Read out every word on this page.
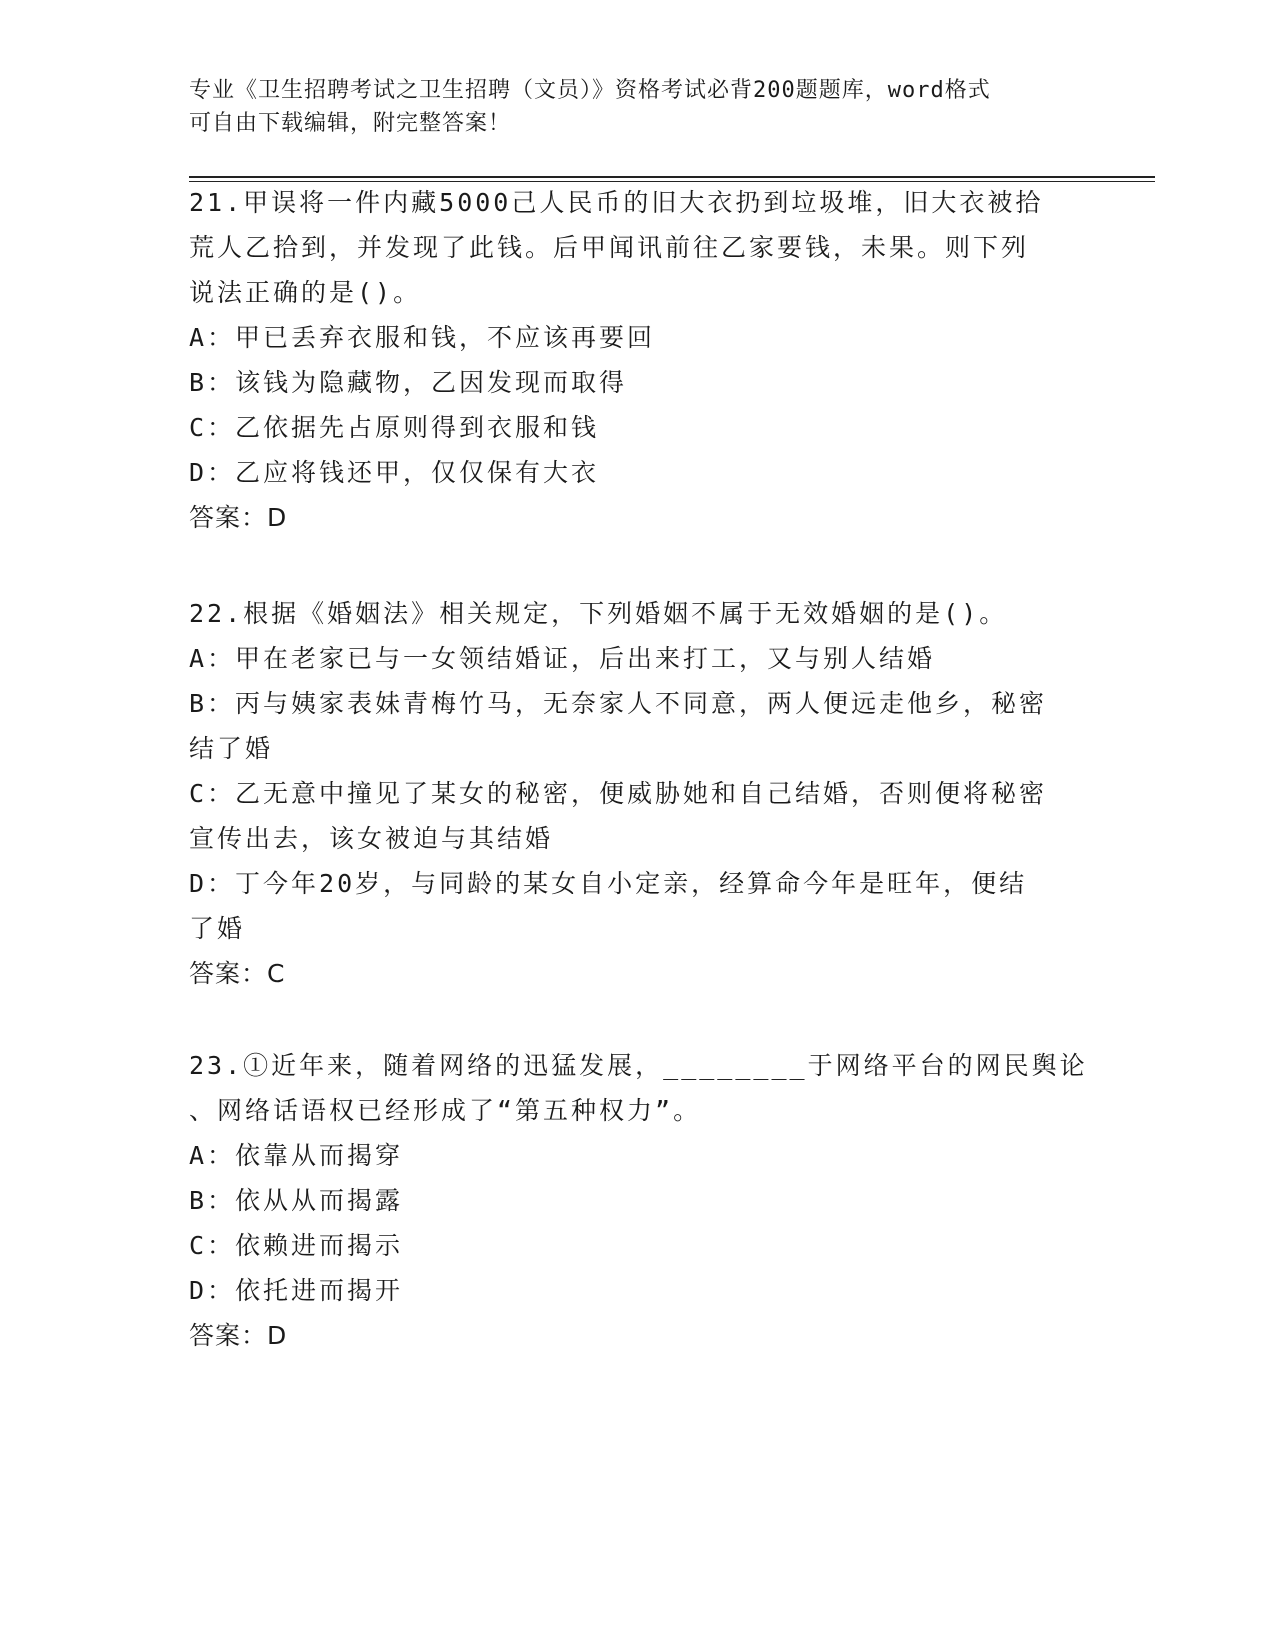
专业《卫生招聘考试之卫生招聘（文员）》资格考试必背200题题库，word格式
可自由下载编辑，附完整答案！
21.甲误将一件内藏5000己人民币的旧大衣扔到垃圾堆，旧大衣被拾
荒人乙拾到，并发现了此钱。后甲闻讯前往乙家要钱，未果。则下列
说法正确的是()。
A：甲已丢弃衣服和钱，不应该再要回
B：该钱为隐藏物，乙因发现而取得
C：乙依据先占原则得到衣服和钱
D：乙应将钱还甲，仅仅保有大衣
答案：D
22.根据《婚姻法》相关规定，下列婚姻不属于无效婚姻的是()。
A：甲在老家已与一女领结婚证，后出来打工，又与别人结婚
B：丙与姨家表妹青梅竹马，无奈家人不同意，两人便远走他乡，秘密
结了婚
C：乙无意中撞见了某女的秘密，便威胁她和自己结婚，否则便将秘密
宣传出去，该女被迫与其结婚
D：丁今年20岁，与同龄的某女自小定亲，经算命今年是旺年，便结
了婚
答案：C
23.①近年来，随着网络的迅猛发展，________于网络平台的网民舆论
、网络话语权已经形成了“第五种权力”。
A：依靠从而揭穿
B：依从从而揭露
C：依赖进而揭示
D：依托进而揭开
答案：D
